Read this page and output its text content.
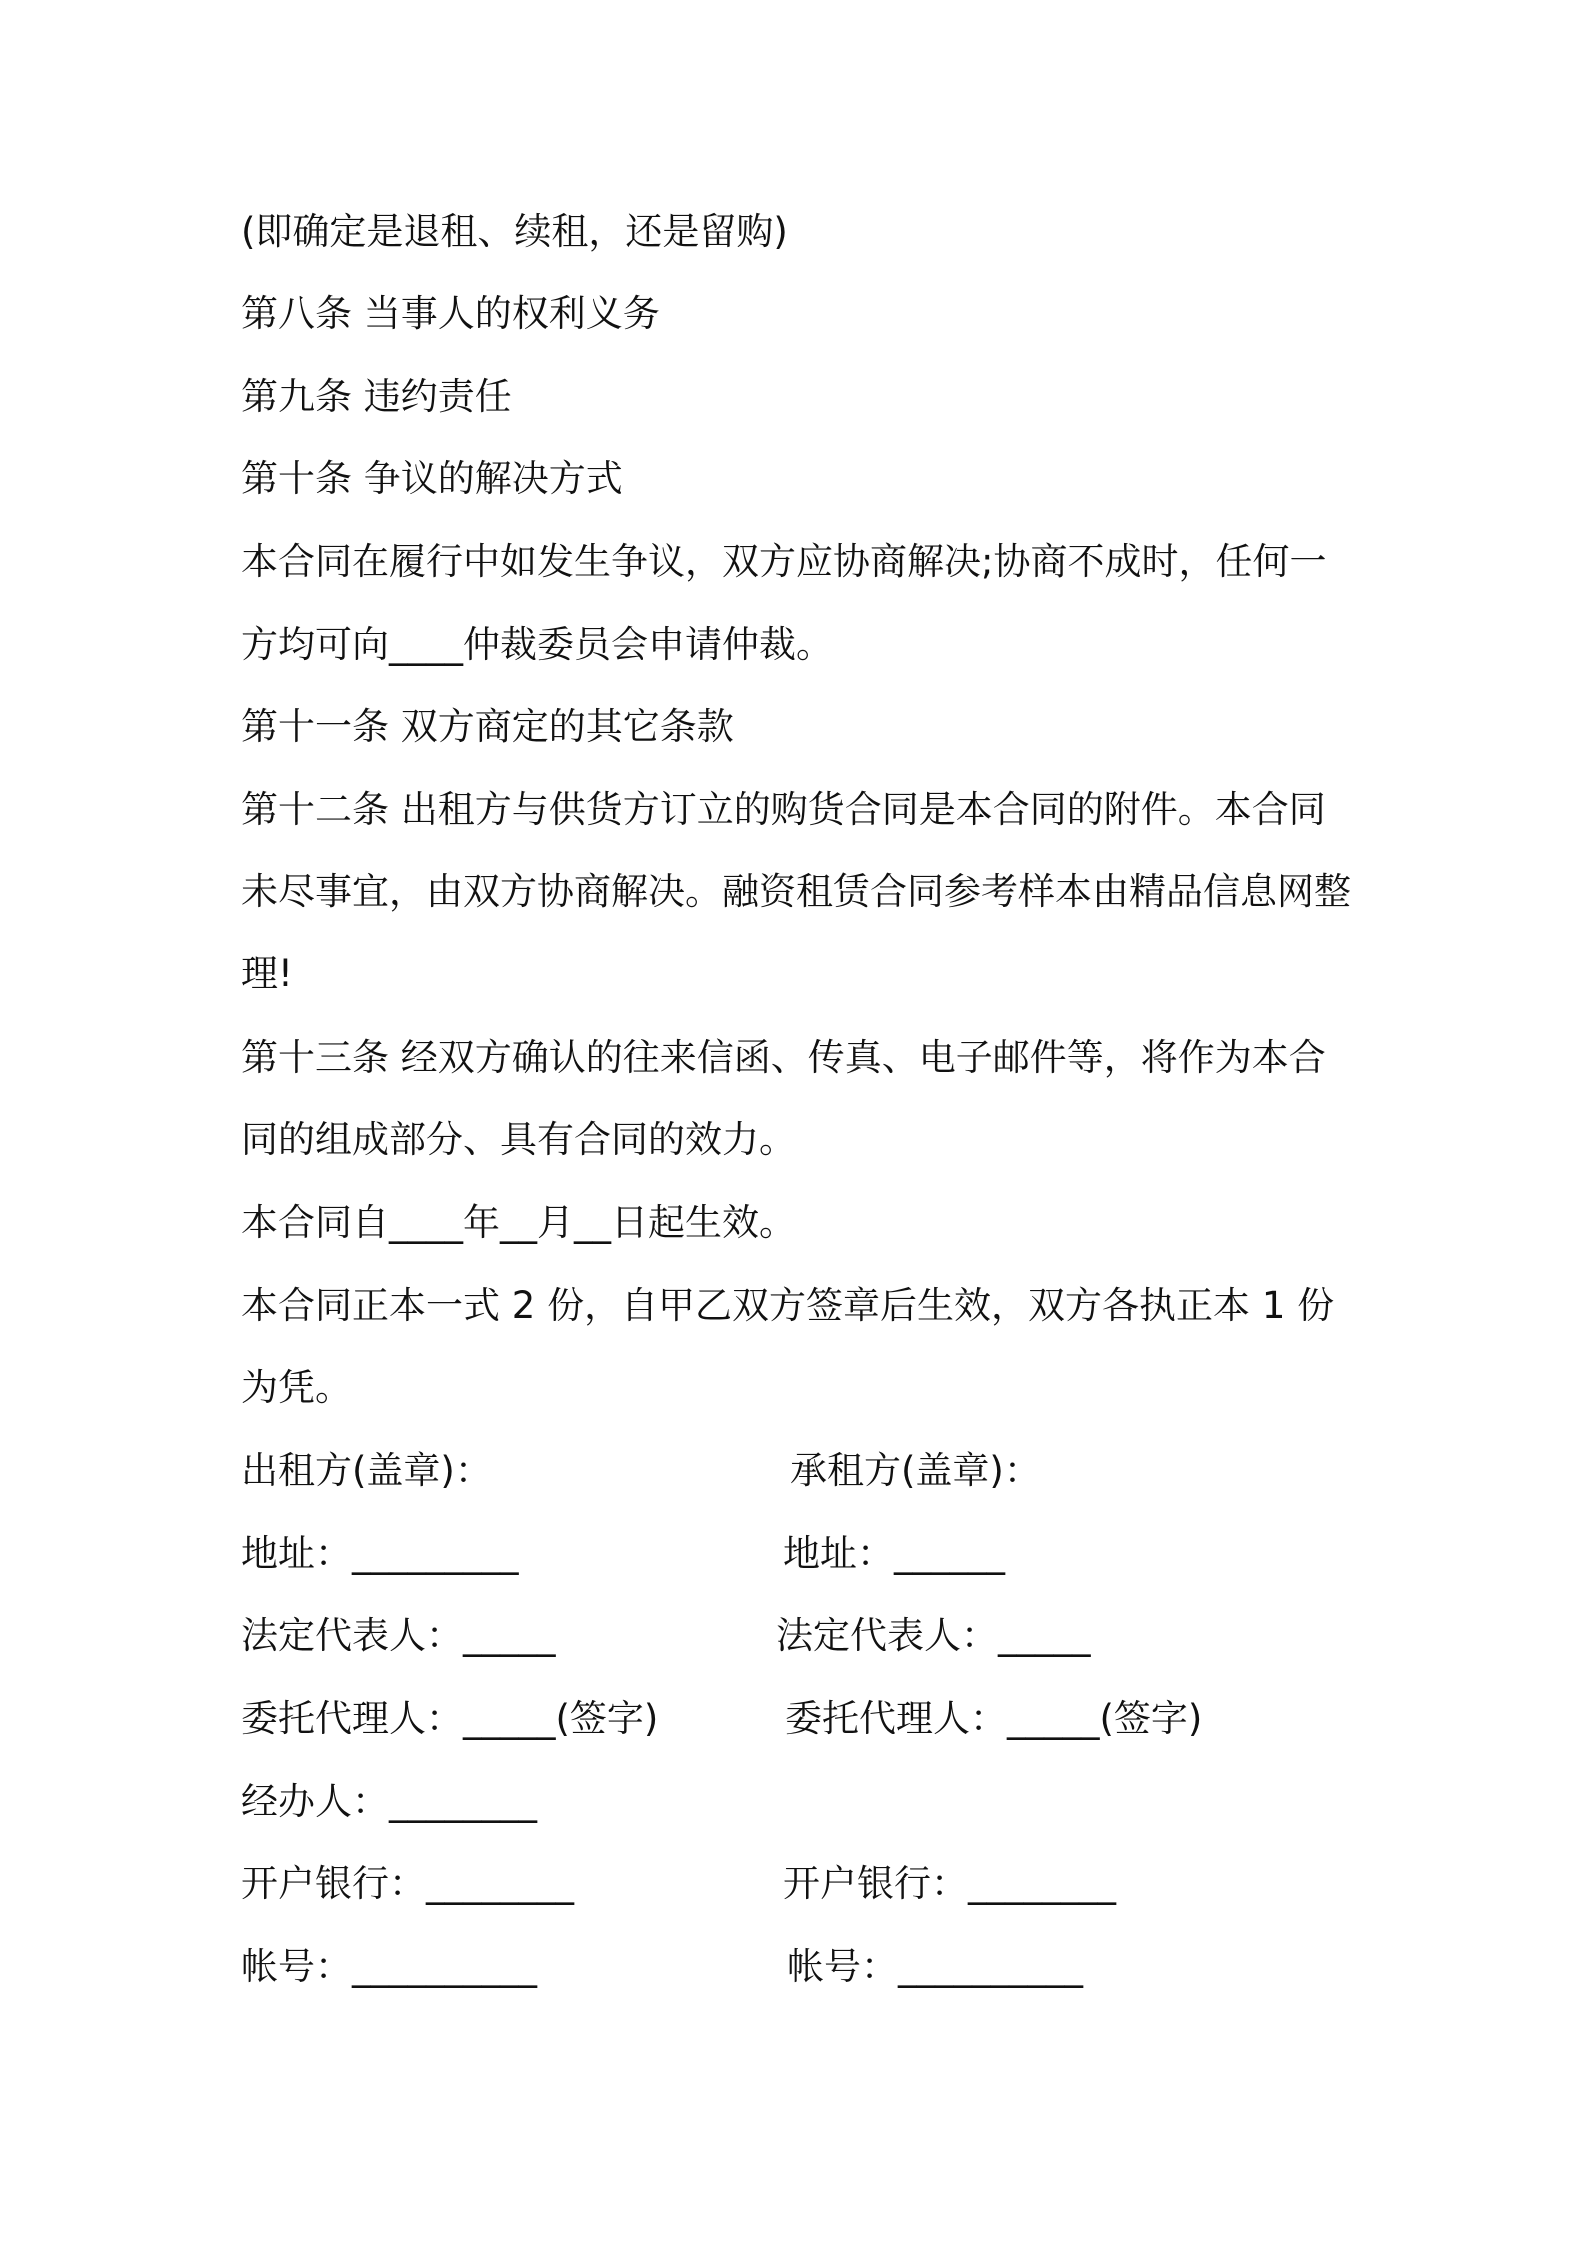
(即确定是退租、续租，还是留购)
第八条 当事人的权利义务
第九条 违约责任
第十条 争议的解决方式
本合同在履行中如发生争议，双方应协商解决;协商不成时，任何一
方均可向____仲裁委员会申请仲裁。
第十一条 双方商定的其它条款
第十二条 出租方与供货方订立的购货合同是本合同的附件。本合同
未尽事宜，由双方协商解决。融资租赁合同参考样本由精品信息网整
理!
第十三条 经双方确认的往来信函、传真、电子邮件等，将作为本合
同的组成部分、具有合同的效力。
本合同自____年__月__日起生效。
本合同正本一式 2 份，自甲乙双方签章后生效，双方各执正本 1 份
为凭。
出租方(盖章)：
地址：_________
法定代表人：_____
委托代理人：_____(签字)
经办人：________
开户银行：________
帐号：__________
承租方(盖章)：
地址：______
法定代表人：_____
委托代理人：_____(签字)
开户银行：________
帐号：__________
